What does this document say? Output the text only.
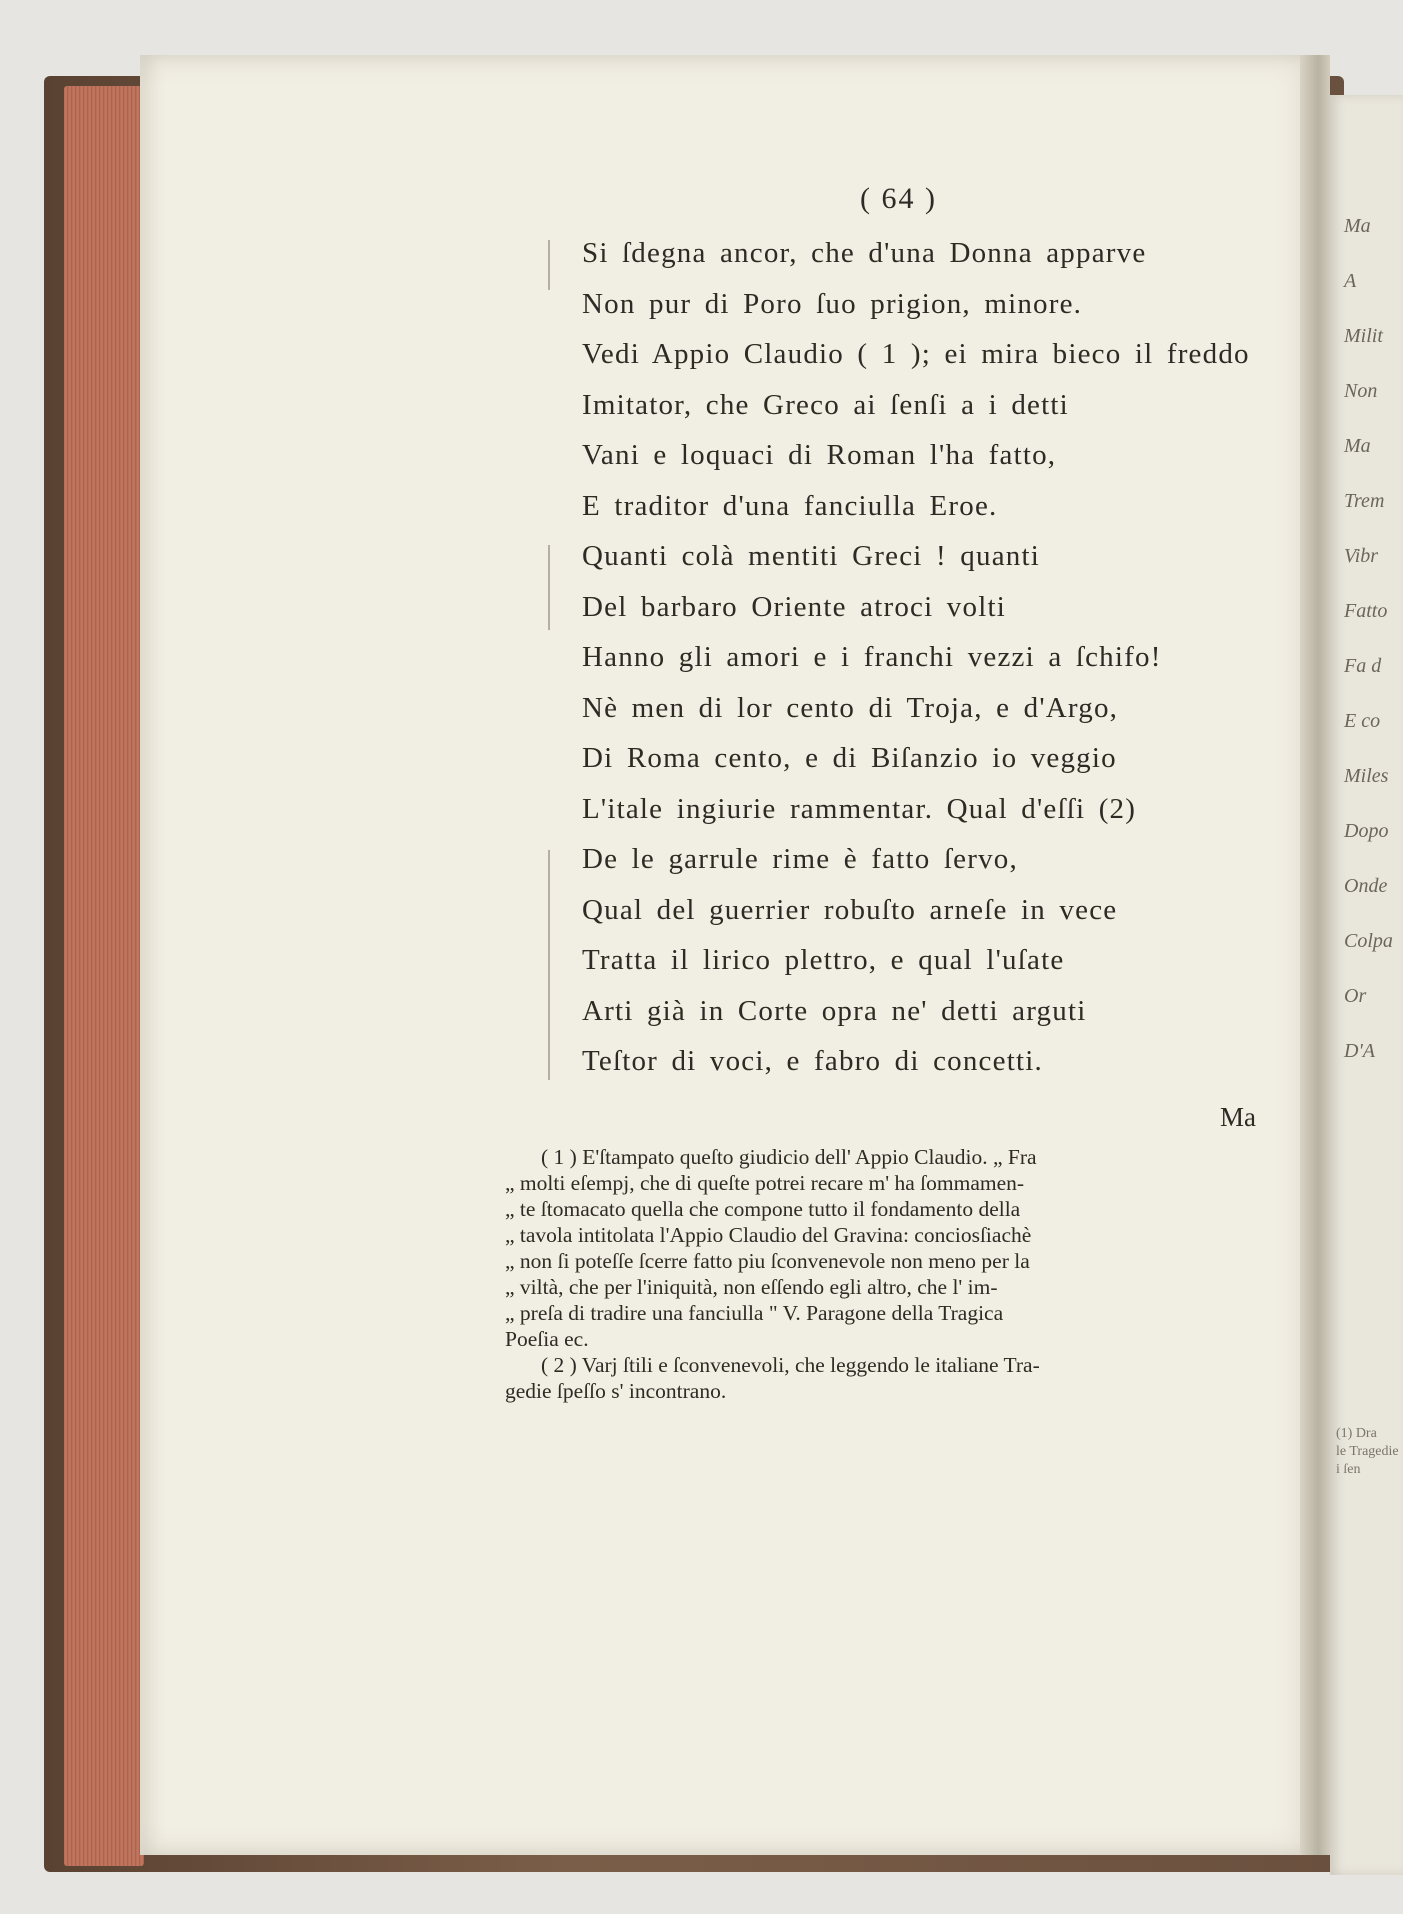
Ma
A
Milit
Non
Ma
Trem
Vibr
Fatto
Fa d
E co
Miles
Dopo
Onde
Colpa
Or
D'A
(1) Dra
le Tragedie
i ſen
( 64 )
Si ſdegna ancor, che d'una Donna apparve
Non pur di Poro ſuo prigion, minore.
Vedi Appio Claudio ( 1 ); ei mira bieco il freddo
Imitator, che Greco ai ſenſi a i detti
Vani e loquaci di Roman l'ha fatto,
E traditor d'una fanciulla Eroe.
Quanti colà mentiti Greci ! quanti
Del barbaro Oriente atroci volti
Hanno gli amori e i franchi vezzi a ſchifo!
Nè men di lor cento di Troja, e d'Argo,
Di Roma cento, e di Biſanzio io veggio
L'itale ingiurie rammentar. Qual d'eſſi (2)
De le garrule rime è fatto ſervo,
Qual del guerrier robuſto arneſe in vece
Tratta il lirico plettro, e qual l'uſate
Arti già in Corte opra ne' detti arguti
Teſtor di voci, e fabro di concetti.
Ma
( 1 ) E'ſtampato queſto giudicio dell' Appio Claudio. „ Fra
„ molti eſempj, che di queſte potrei recare m' ha ſommamen-
„ te ſtomacato quella che compone tutto il fondamento della
„ tavola intitolata l'Appio Claudio del Gravina: conciosſiachè
„ non ſi poteſſe ſcerre fatto piu ſconvenevole non meno per la
„ viltà, che per l'iniquità, non eſſendo egli altro, che l' im-
„ preſa di tradire una fanciulla " V. Paragone della Tragica
Poeſia ec.
( 2 ) Varj ſtili e ſconvenevoli, che leggendo le italiane Tra-
gedie ſpeſſo s' incontrano.
